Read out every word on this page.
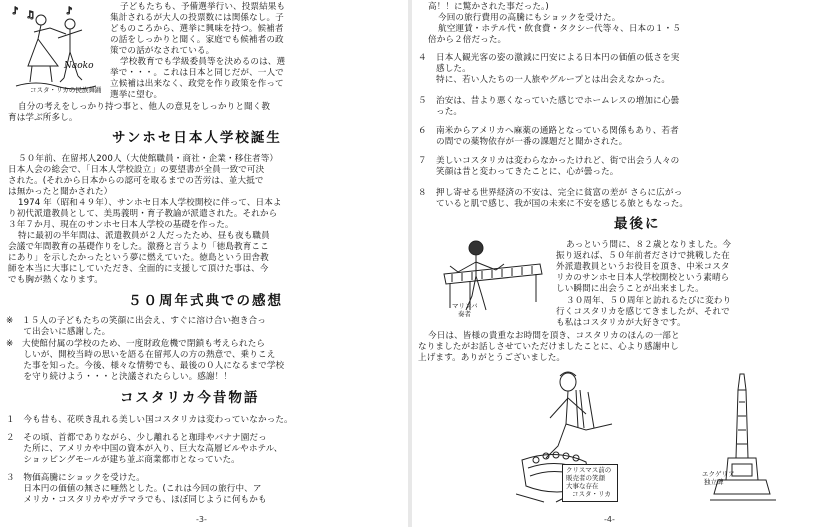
♪ ♫	♪
Naoko
コスタ・リカの民族舞踊
子どもたちも、予備選挙行い、投票結果も
集計されるが大人の投票数には関係なし。子
どものころから、選挙に興味を持つ。候補者
の話をしっかりと聞く。家庭でも候補者の政
策での話がなされている。
学校教育でも学級委員等を決めるのは、選
挙で・・・。これは日本と同じだが、一人で
立候補は出来なく、政党を作り政策を作って
選挙に望む。
自分の考えをしっかり持つ事と、他人の意見をしっかりと聞く教
育は学ぶ所多し。
サンホセ日本人学校誕生
５０年前、在留邦人200人（大使館職員・商社・企業・移住者等）
日本人会の総会で、「日本人学校設立」の要望書が全員一致で可決
された。(それから日本からの認可を取るまでの苦労は、並大抵で
は無かったと聞かされた）
1974 年（昭和４９年）、サンホセ日本人学校開校に伴って、日本よ
り初代派遣教員として、美馬義明・育子教諭が派遣された。それから
３年７か月、現在のサンホセ日本人学校の基礎を作った。
特に最初の半年間は、派遣教員が２人だったため、昼も夜も職員
会議で年間教育の基礎作りをした。激務と言うより「徳島教育ここ
にあり」を示したかったという夢に燃えていた。徳島という田舎教
師を本当に大事にしていただき、全面的に支援して頂けた事は、今
でも胸が熱くなります。
５０周年式典での感想
※　１５人の子どもたちの笑顔に出会え、すぐに溶け合い抱き合っ
　　て出会いに感謝した。
※　大使館付属の学校のため、一度財政危機で閉鎖も考えられたら
　　しいが、開校当時の思いを語る在留邦人の方の熱意で、乗りこえ
　　た事を知った。今後、様々な情勢でも、最後の０人になるまで学校
　　を守り続けよう・・・と決議されたらしい。感謝！！
コスタリカ今昔物語
１　今も昔も、花咲き乱れる美しい国コスタリカは変わっていなかった。
２　その頃、首都でありながら、少し離れると珈琲やバナナ園だっ
　　た所に、アメリカや中国の資本が入り、巨大な高層ビルやホテル、
　　ショッピングモールが建ち並ぶ商業都市となっていた。
３　物価高騰にショックを受けた。
　　日本円の価値の無さに唖然とした。(これは今回の旅行中、ア
　　メリカ・コスタリカやガテマラでも、ほぼ同じように何もかも
-3-
高！！に驚かされた事だった。)
今回の旅行費用の高騰にもショックを受けた。
航空運賃・ホテル代・飲食費・タクシー代等々、日本の１・５
倍から２倍だった。
４ 日本人観光客の姿の激減に円安による日本円の価値の低さを実
感した。
特に、若い人たちの一人旅やグループとは出会えなかった。
５ 治安は、昔より悪くなっていた感じでホームレスの増加に心曇
った。
６ 南米からアメリカへ麻薬の通路となっている関係もあり、若者
の間での薬物依存が一番の課題だと聞かされた。
７ 美しいコスタリカは変わらなかったけれど、街で出会う人々の
笑顔は昔と変わってきたことに、心が曇った。
８ 押し寄せる世界経済の不安は、完全に貧富の差が さらに広がっ
ていると肌で感じ、我が国の未来に不安を感じる旅ともなった。
マリンバ
奏者
最後に
あっという間に、８２歳となりました。今
振り返れば、５０年前者ださけで挑戦した在
外派遣教員というお役目を頂き、中米コスタ
リカのサンホセ日本人学校開校という素晴ら
しい瞬間に出会うことが出来ました。
３０周年、５０周年と訪れるたびに変わり
行くコスタリカを感じてきましたが、それで
も私はコスタリカが大好きです。
今日は、皆様の貴重なお時間を頂き、コスタリカのほんの一部と
なりましたがお話しさせていただけましたことに、心より感謝申し
上げます。ありがとうございました。
クリスマス前の
販売者の笑顔
大事な存在
コスタ・リカ
エクゲリア
独立碑
-4-
